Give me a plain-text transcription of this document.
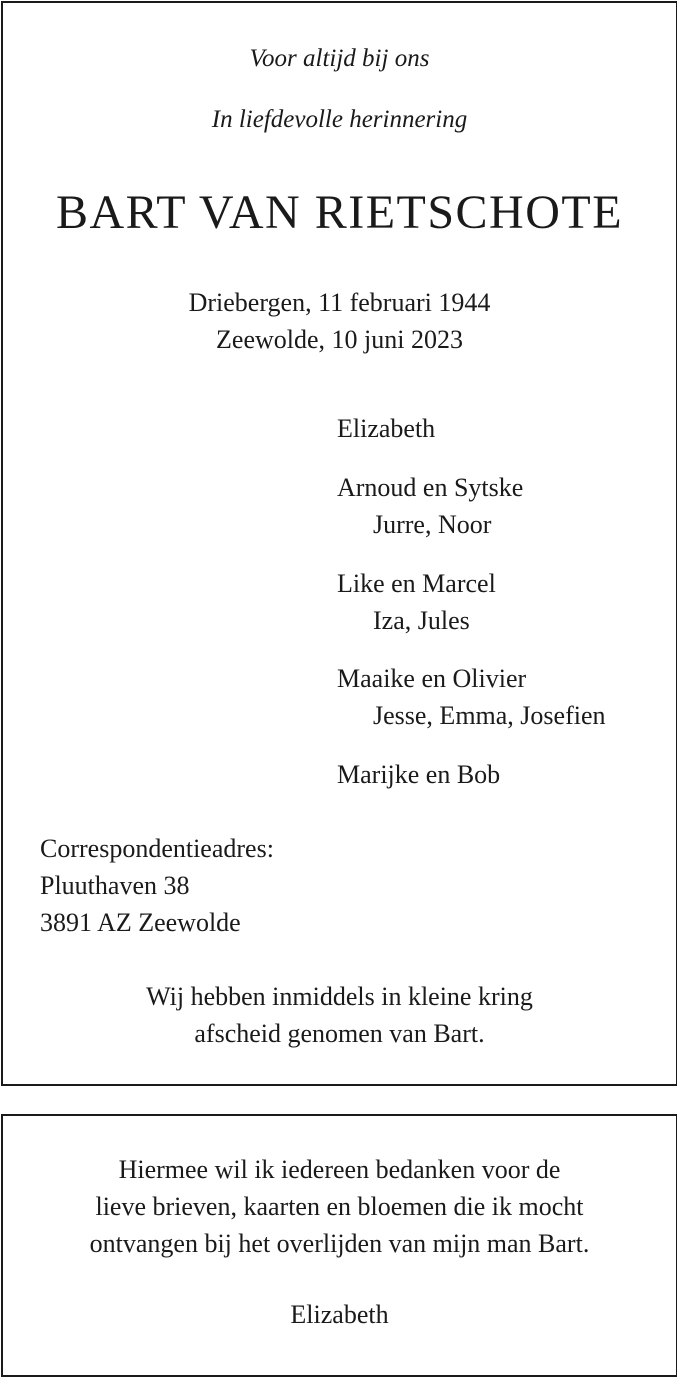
Voor altijd bij ons
In liefdevolle herinnering
BART VAN RIETSCHOTE
Driebergen, 11 februari 1944
Zeewolde, 10 juni 2023
Elizabeth
Arnoud en Sytske
Jurre, Noor
Like en Marcel
Iza, Jules
Maaike en Olivier
Jesse, Emma, Josefien
Marijke en Bob
Correspondentieadres:
Pluuthaven 38
3891 AZ Zeewolde
Wij hebben inmiddels in kleine kring
afscheid genomen van Bart.
Hiermee wil ik iedereen bedanken voor de
lieve brieven, kaarten en bloemen die ik mocht
ontvangen bij het overlijden van mijn man Bart.
Elizabeth
